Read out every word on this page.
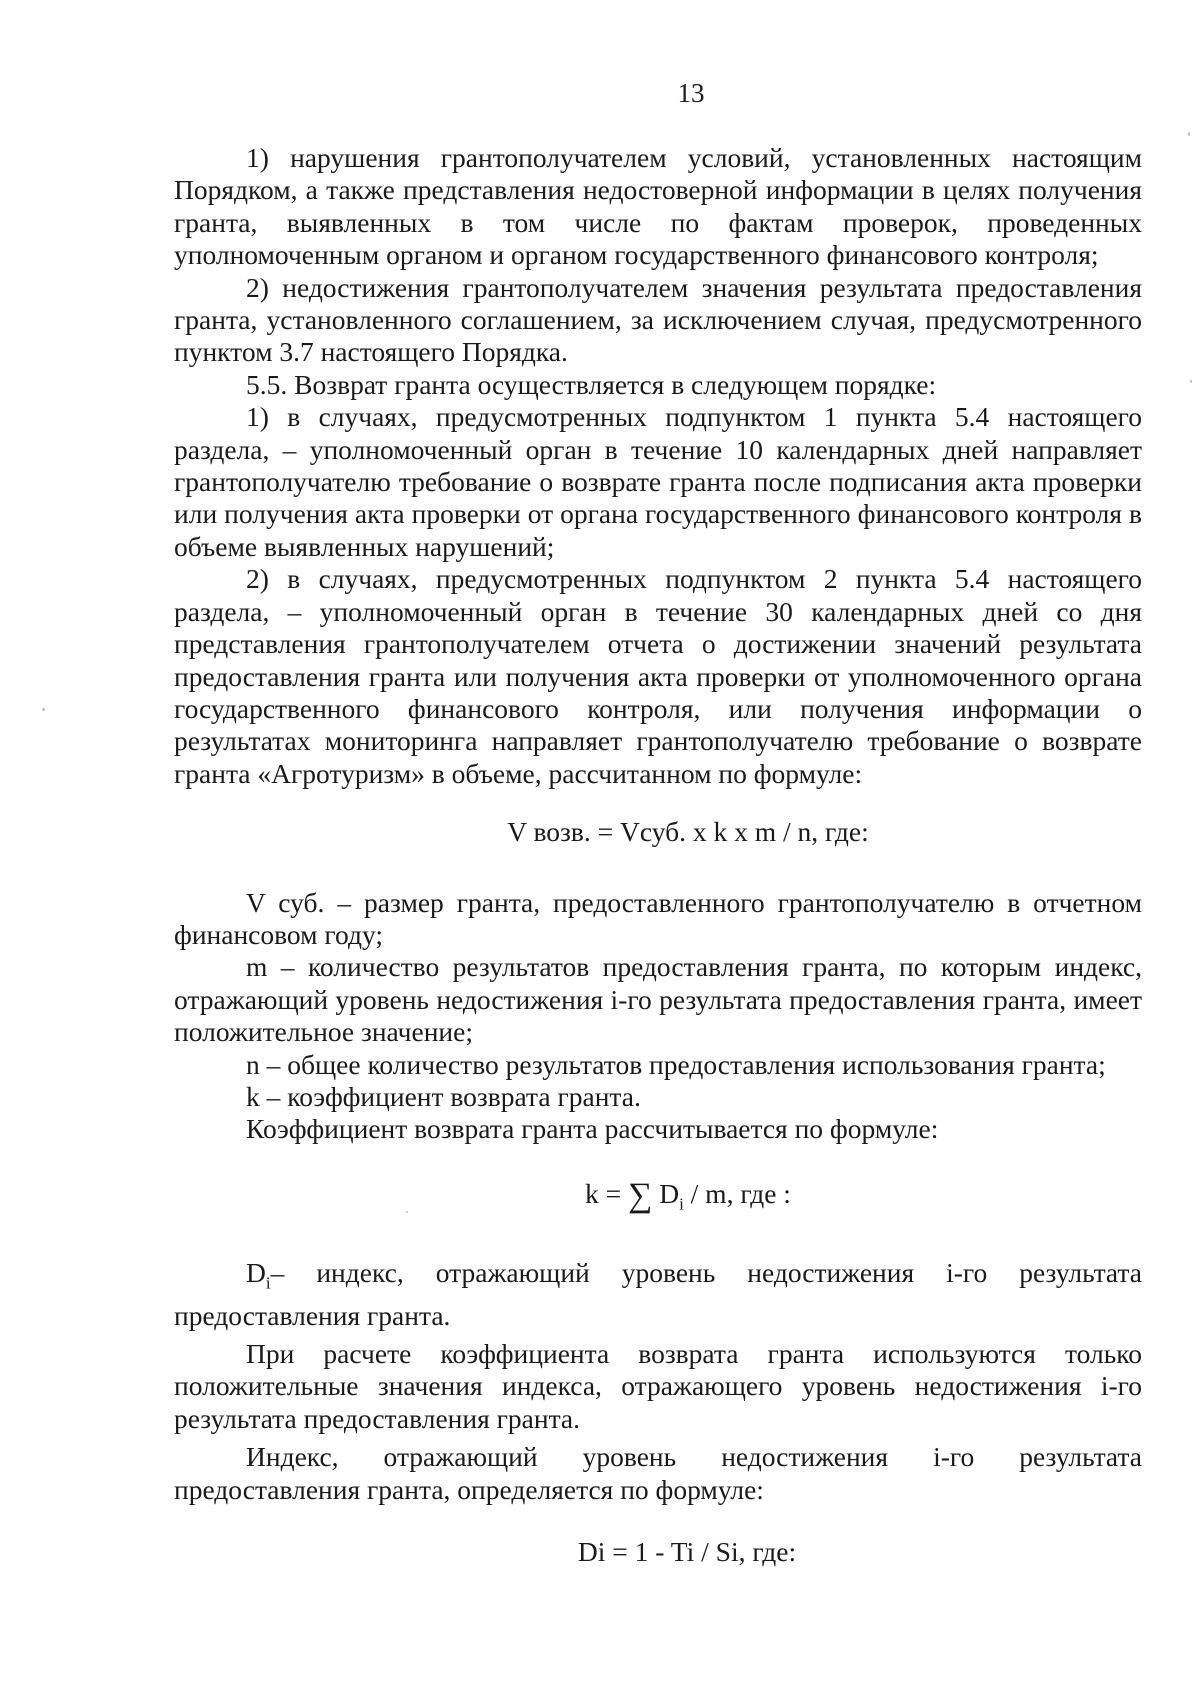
13

1) нарушения грантополучателем условий, установленных настоящим Порядком, а также представления недостоверной информации в целях получения гранта, выявленных в том числе по фактам проверок, проведенных уполномоченным органом и органом государственного финансового контроля;

2) недостижения грантополучателем значения результата предоставления гранта, установленного соглашением, за исключением случая, предусмотренного пунктом 3.7 настоящего Порядка.

5.5. Возврат гранта осуществляется в следующем порядке:

1) в случаях, предусмотренных подпунктом 1 пункта 5.4 настоящего раздела, – уполномоченный орган в течение 10 календарных дней направляет грантополучателю требование о возврате гранта после подписания акта проверки или получения акта проверки от органа государственного финансового контроля в объеме выявленных нарушений;

2) в случаях, предусмотренных подпунктом 2 пункта 5.4 настоящего раздела, – уполномоченный орган в течение 30 календарных дней со дня представления грантополучателем отчета о достижении значений результата предоставления гранта или получения акта проверки от уполномоченного органа государственного финансового контроля, или получения информации о результатах мониторинга направляет грантополучателю требование о возврате гранта «Агротуризм» в объеме, рассчитанном по формуле:

V возв. = Vсуб. х k х m / n, где:

V суб. – размер гранта, предоставленного грантополучателю в отчетном финансовом году;

m – количество результатов предоставления гранта, по которым индекс, отражающий уровень недостижения i-го результата предоставления гранта, имеет положительное значение;

n – общее количество результатов предоставления использования гранта;

k – коэффициент возврата гранта.

Коэффициент возврата гранта рассчитывается по формуле:

k = ∑ $D_i$ / m, где :

$D_i-$ индекс, отражающий уровень недостижения i-го результата предоставления гранта.

При расчете коэффициента возврата гранта используются только положительные значения индекса, отражающего уровень недостижения i-го результата предоставления гранта.

Индекс, отражающий уровень недостижения i-го результата предоставления гранта, определяется по формуле:

Di = 1 - Ti / Si, где:
